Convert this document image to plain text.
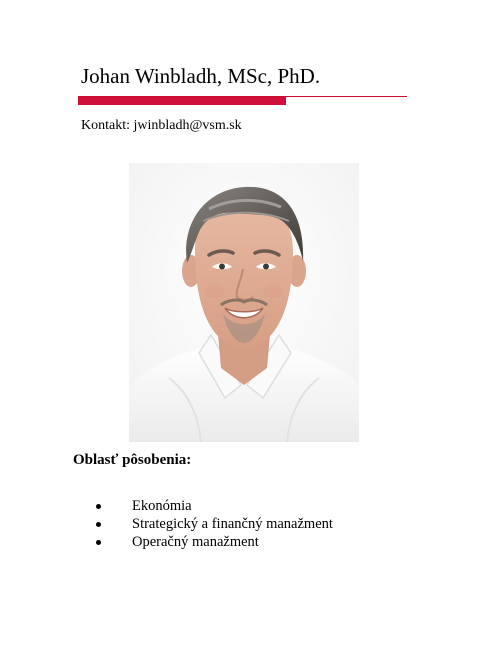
Johan Winbladh, MSc, PhD.
Kontakt: jwinbladh@vsm.sk
Oblasť pôsobenia:
Ekonómia
Strategický a finančný manažment
Operačný manažment
